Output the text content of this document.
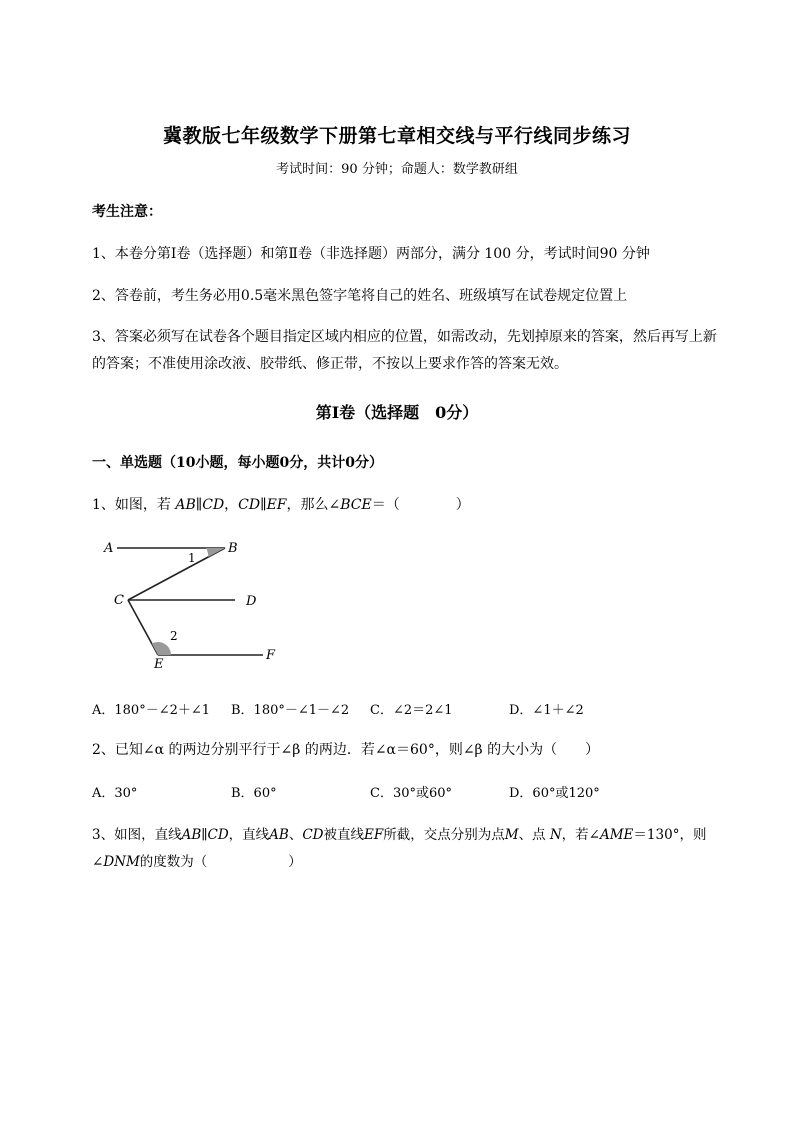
冀教版七年级数学下册第七章相交线与平行线同步练习
考试时间：90 分钟；命题人：数学教研组
考生注意：
1、本卷分第Ⅰ卷（选择题）和第Ⅱ卷（非选择题）两部分，满分 100 分，考试时间90 分钟
2、答卷前，考生务必用0.5毫米黑色签字笔将自己的姓名、班级填写在试卷规定位置上
3、答案必须写在试卷各个题目指定区域内相应的位置，如需改动，先划掉原来的答案，然后再写上新
的答案；不准使用涂改液、胶带纸、修正带，不按以上要求作答的答案无效。
第Ⅰ卷（选择题　0分）
一、单选题（10小题，每小题0分，共计0分）
1、如图，若 AB∥CD，CD∥EF，那么∠BCE＝（　　　　）
A	B
C	D
E
F
1
2
A．180°－∠2＋∠1 B．180°－∠1－∠2 C．∠2＝2∠1	D．∠1＋∠2
2、已知∠α 的两边分别平行于∠β 的两边．若∠α＝60°，则∠β 的大小为（　　）
A．30°	B．60°	C．30°或60°	D．60°或120°
3、如图，直线AB∥CD，直线AB、CD被直线EF所截，交点分别为点M、点 N，若∠AME＝130°，则
∠DNM的度数为（　　　　　　）
